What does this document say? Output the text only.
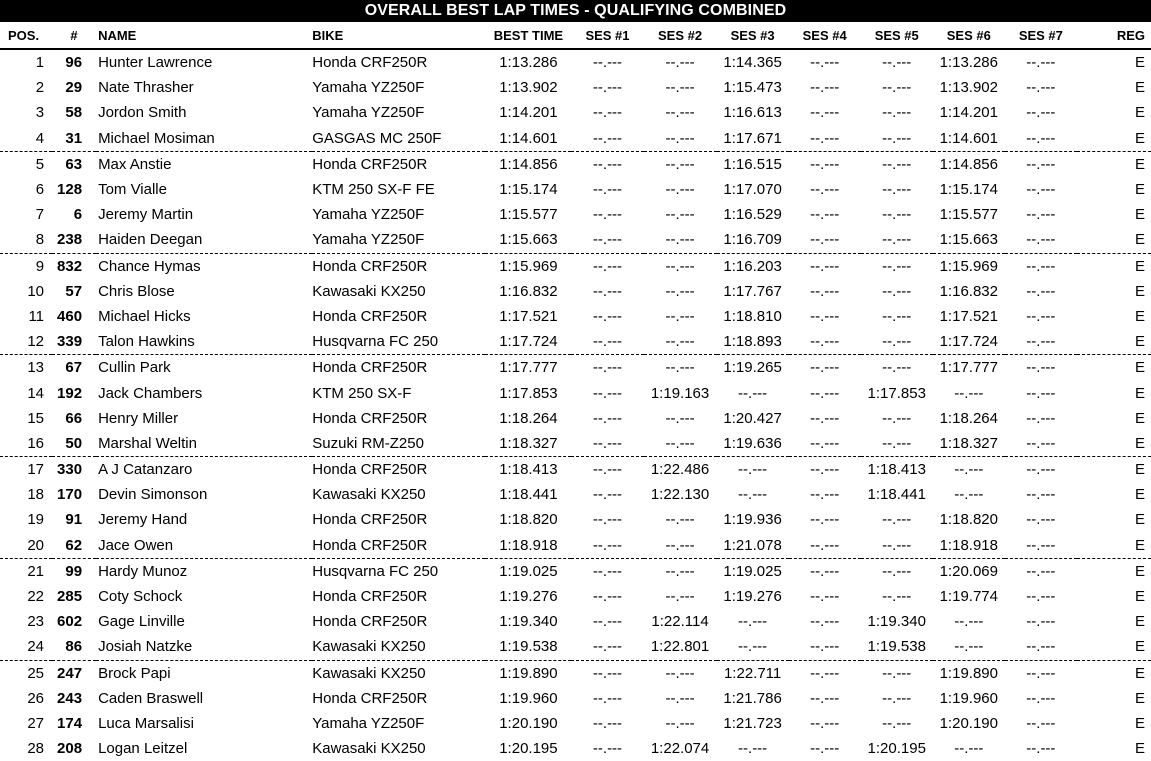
OVERALL BEST LAP TIMES - QUALIFYING COMBINED
POS.	#	NAME	BIKE	BEST TIME	SES #1	SES #2	SES #3	SES #4	SES #5	SES #6	SES #7	REG
1	96	Hunter Lawrence	Honda CRF250R	1:13.286	--.---	--.---	1:14.365	--.---	--.---	1:13.286	--.---	E
2	29	Nate Thrasher	Yamaha YZ250F	1:13.902	--.---	--.---	1:15.473	--.---	--.---	1:13.902	--.---	E
3	58	Jordon Smith	Yamaha YZ250F	1:14.201	--.---	--.---	1:16.613	--.---	--.---	1:14.201	--.---	E
4	31	Michael Mosiman	GASGAS MC 250F	1:14.601	--.---	--.---	1:17.671	--.---	--.---	1:14.601	--.---	E
5	63	Max Anstie	Honda CRF250R	1:14.856	--.---	--.---	1:16.515	--.---	--.---	1:14.856	--.---	E
6	128	Tom Vialle	KTM 250 SX-F FE	1:15.174	--.---	--.---	1:17.070	--.---	--.---	1:15.174	--.---	E
7	6	Jeremy Martin	Yamaha YZ250F	1:15.577	--.---	--.---	1:16.529	--.---	--.---	1:15.577	--.---	E
8	238	Haiden Deegan	Yamaha YZ250F	1:15.663	--.---	--.---	1:16.709	--.---	--.---	1:15.663	--.---	E
9	832	Chance Hymas	Honda CRF250R	1:15.969	--.---	--.---	1:16.203	--.---	--.---	1:15.969	--.---	E
10	57	Chris Blose	Kawasaki KX250	1:16.832	--.---	--.---	1:17.767	--.---	--.---	1:16.832	--.---	E
11	460	Michael Hicks	Honda CRF250R	1:17.521	--.---	--.---	1:18.810	--.---	--.---	1:17.521	--.---	E
12	339	Talon Hawkins	Husqvarna FC 250	1:17.724	--.---	--.---	1:18.893	--.---	--.---	1:17.724	--.---	E
13	67	Cullin Park	Honda CRF250R	1:17.777	--.---	--.---	1:19.265	--.---	--.---	1:17.777	--.---	E
14	192	Jack Chambers	KTM 250 SX-F	1:17.853	--.---	1:19.163	--.---	--.---	1:17.853	--.---	--.---	E
15	66	Henry Miller	Honda CRF250R	1:18.264	--.---	--.---	1:20.427	--.---	--.---	1:18.264	--.---	E
16	50	Marshal Weltin	Suzuki RM-Z250	1:18.327	--.---	--.---	1:19.636	--.---	--.---	1:18.327	--.---	E
17	330	A J Catanzaro	Honda CRF250R	1:18.413	--.---	1:22.486	--.---	--.---	1:18.413	--.---	--.---	E
18	170	Devin Simonson	Kawasaki KX250	1:18.441	--.---	1:22.130	--.---	--.---	1:18.441	--.---	--.---	E
19	91	Jeremy Hand	Honda CRF250R	1:18.820	--.---	--.---	1:19.936	--.---	--.---	1:18.820	--.---	E
20	62	Jace Owen	Honda CRF250R	1:18.918	--.---	--.---	1:21.078	--.---	--.---	1:18.918	--.---	E
21	99	Hardy Munoz	Husqvarna FC 250	1:19.025	--.---	--.---	1:19.025	--.---	--.---	1:20.069	--.---	E
22	285	Coty Schock	Honda CRF250R	1:19.276	--.---	--.---	1:19.276	--.---	--.---	1:19.774	--.---	E
23	602	Gage Linville	Honda CRF250R	1:19.340	--.---	1:22.114	--.---	--.---	1:19.340	--.---	--.---	E
24	86	Josiah Natzke	Kawasaki KX250	1:19.538	--.---	1:22.801	--.---	--.---	1:19.538	--.---	--.---	E
25	247	Brock Papi	Kawasaki KX250	1:19.890	--.---	--.---	1:22.711	--.---	--.---	1:19.890	--.---	E
26	243	Caden Braswell	Honda CRF250R	1:19.960	--.---	--.---	1:21.786	--.---	--.---	1:19.960	--.---	E
27	174	Luca Marsalisi	Yamaha YZ250F	1:20.190	--.---	--.---	1:21.723	--.---	--.---	1:20.190	--.---	E
28	208	Logan Leitzel	Kawasaki KX250	1:20.195	--.---	1:22.074	--.---	--.---	1:20.195	--.---	--.---	E
